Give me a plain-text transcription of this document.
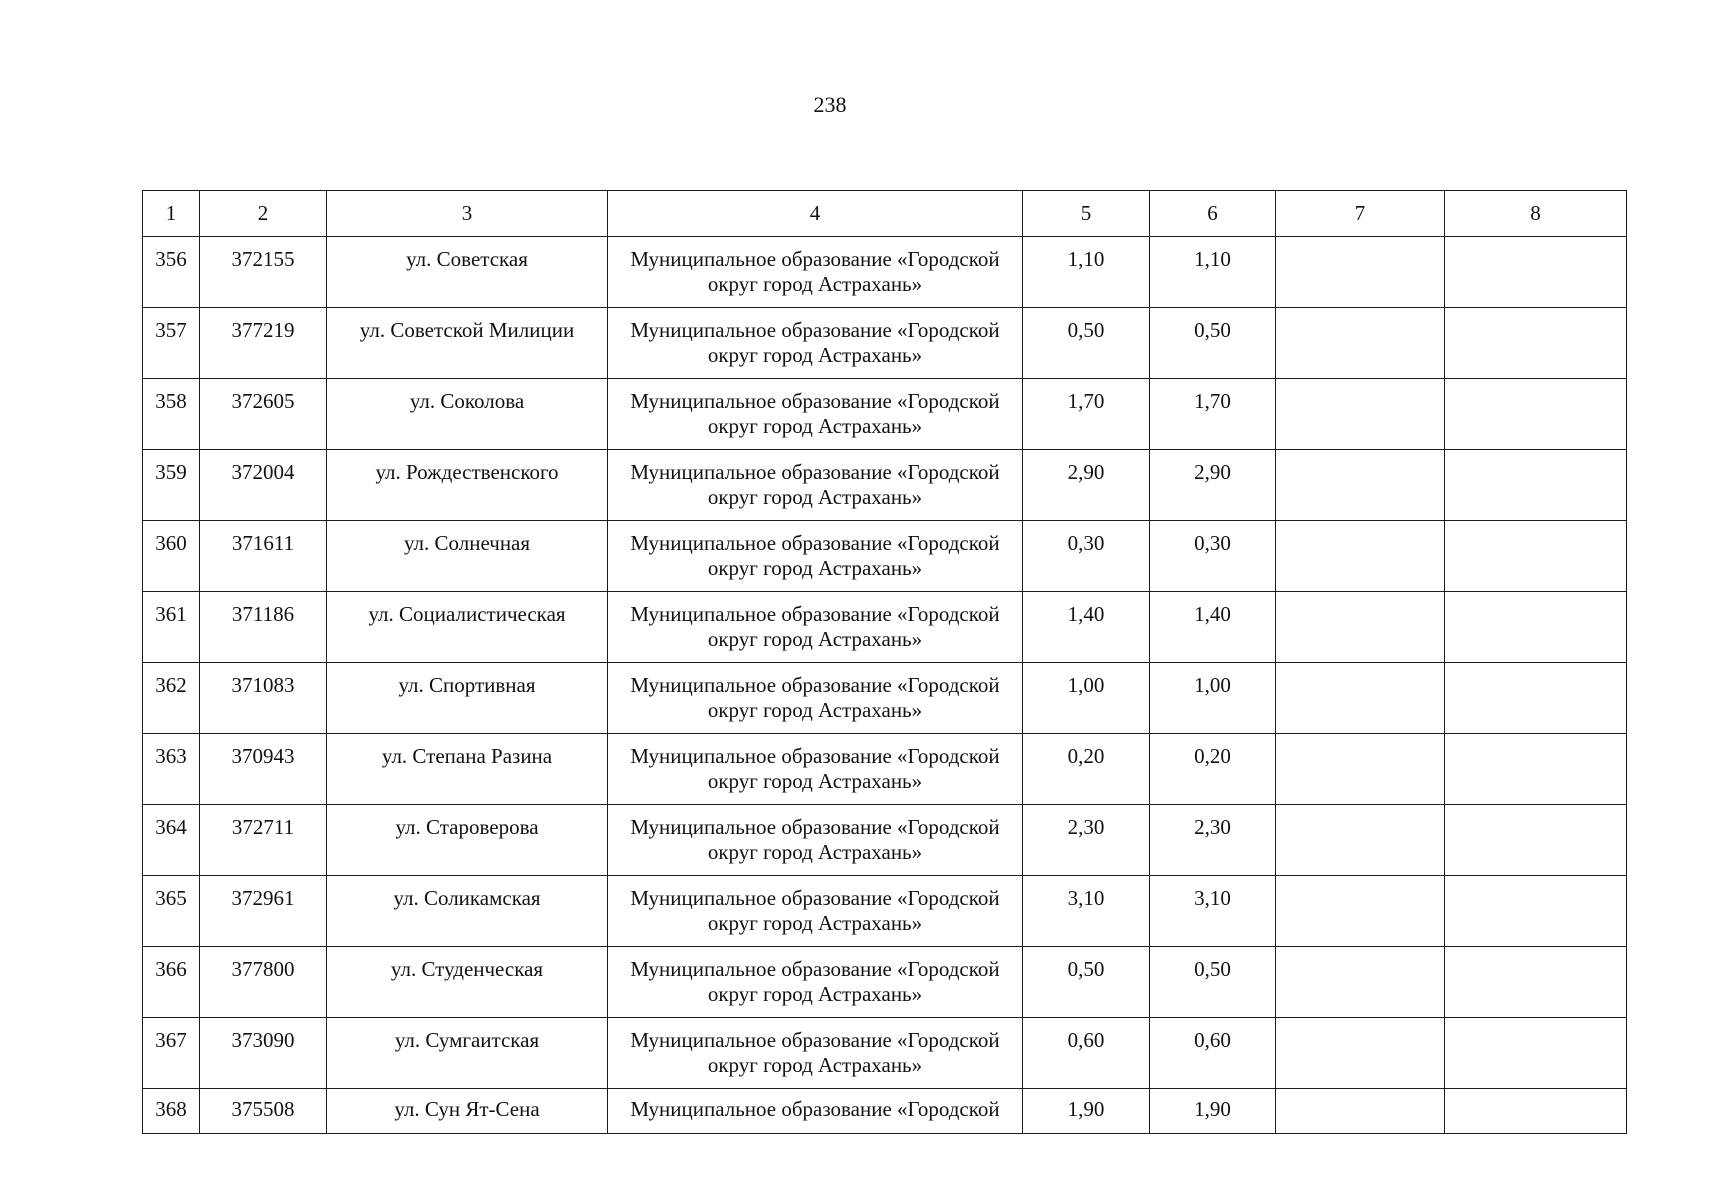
238
1	2	3	4	5	6	7	8
356	372155	ул. Советская	Муниципальное образование «Городской округ город Астрахань»	1,10	1,10		
357	377219	ул. Советской Милиции	Муниципальное образование «Городской округ город Астрахань»	0,50	0,50		
358	372605	ул. Соколова	Муниципальное образование «Городской округ город Астрахань»	1,70	1,70		
359	372004	ул. Рождественского	Муниципальное образование «Городской округ город Астрахань»	2,90	2,90		
360	371611	ул. Солнечная	Муниципальное образование «Городской округ город Астрахань»	0,30	0,30		
361	371186	ул. Социалистическая	Муниципальное образование «Городской округ город Астрахань»	1,40	1,40		
362	371083	ул. Спортивная	Муниципальное образование «Городской округ город Астрахань»	1,00	1,00		
363	370943	ул. Степана Разина	Муниципальное образование «Городской округ город Астрахань»	0,20	0,20		
364	372711	ул. Староверова	Муниципальное образование «Городской округ город Астрахань»	2,30	2,30		
365	372961	ул. Соликамская	Муниципальное образование «Городской округ город Астрахань»	3,10	3,10		
366	377800	ул. Студенческая	Муниципальное образование «Городской округ город Астрахань»	0,50	0,50		
367	373090	ул. Сумгаитская	Муниципальное образование «Городской округ город Астрахань»	0,60	0,60		
368	375508	ул. Сун Ят-Сена	Муниципальное образование «Городской	1,90	1,90		
